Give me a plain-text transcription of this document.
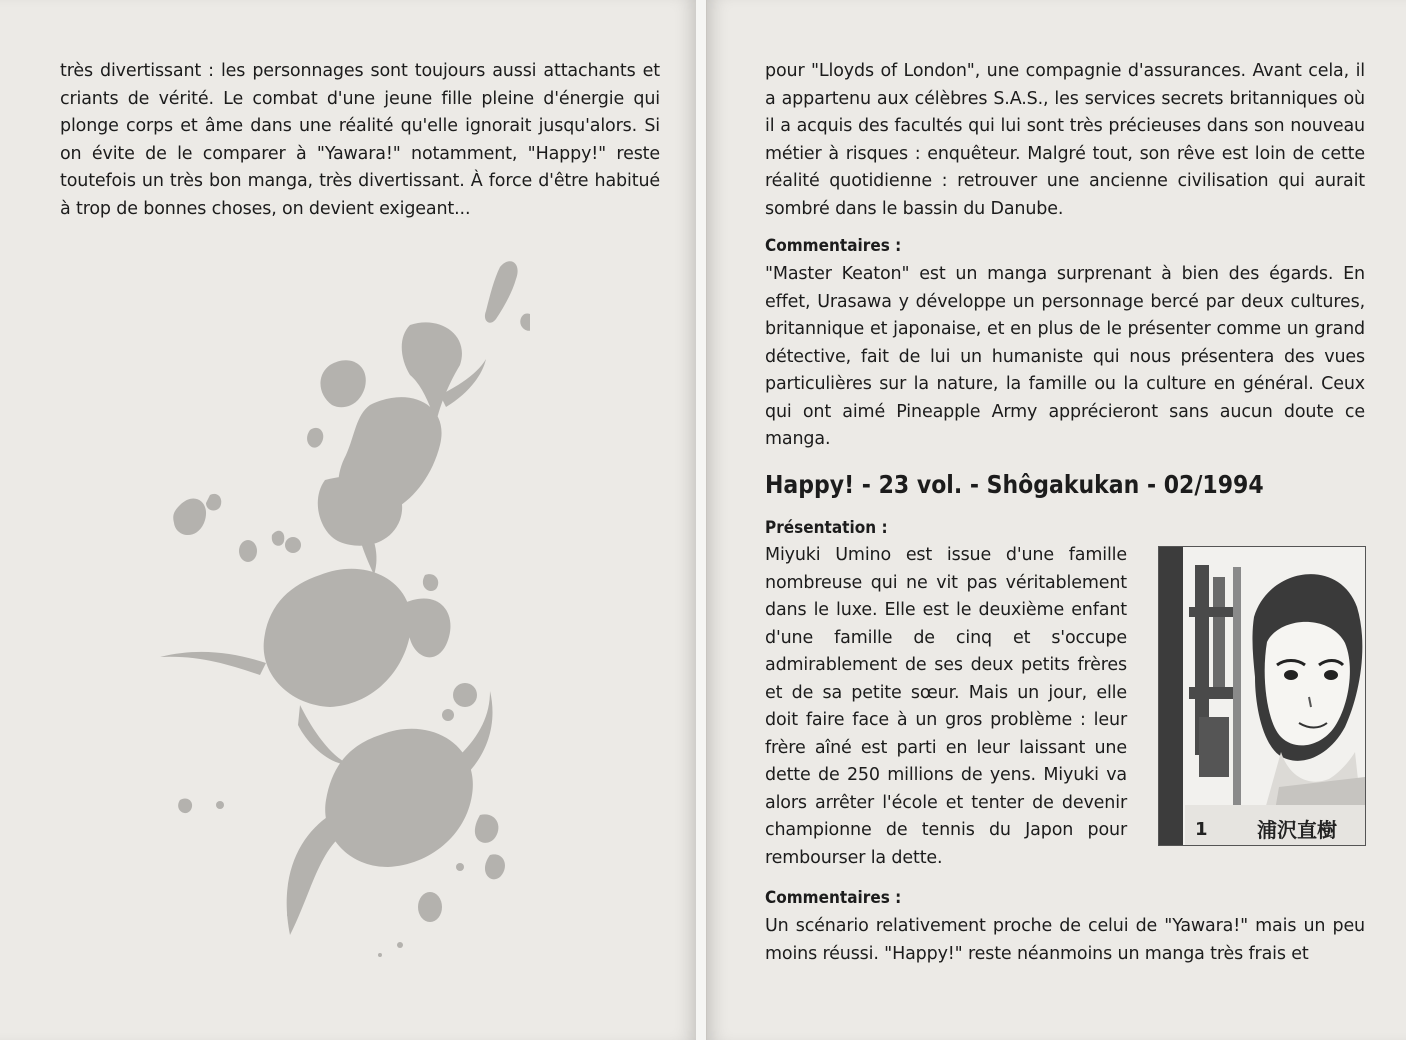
très divertissant : les personnages sont toujours aussi attachants et criants de vérité. Le combat d'une jeune fille pleine d'énergie qui plonge corps et âme dans une réalité qu'elle ignorait jusqu'alors. Si on évite de le comparer à "Yawara!" notamment, "Happy!" reste toutefois un très bon manga, très divertissant. À force d'être habitué à trop de bonnes choses, on devient exigeant...

pour "Lloyds of London", une compagnie d'assurances. Avant cela, il a appartenu aux célèbres S.A.S., les services secrets britanniques où il a acquis des facultés qui lui sont très précieuses dans son nouveau métier à risques : enquêteur. Malgré tout, son rêve est loin de cette réalité quotidienne : retrouver une ancienne civilisation qui aurait sombré dans le bassin du Danube.

Commentaires :

"Master Keaton" est un manga surprenant à bien des égards. En effet, Urasawa y développe un personnage bercé par deux cultures, britannique et japonaise, et en plus de le présenter comme un grand détective, fait de lui un humaniste qui nous présentera des vues particulières sur la nature, la famille ou la culture en général. Ceux qui ont aimé Pineapple Army apprécieront sans aucun doute ce manga.

Happy! - 23 vol. - Shôgakukan - 02/1994

Présentation :

Miyuki Umino est issue d'une famille nombreuse qui ne vit pas véritablement dans le luxe. Elle est le deuxième enfant d'une famille de cinq et s'occupe admirablement de ses deux petits frères et de sa petite sœur. Mais un jour, elle doit faire face à un gros problème : leur frère aîné est parti en leur laissant une dette de 250 millions de yens. Miyuki va alors arrêter l'école et tenter de devenir championne de tennis du Japon pour rembourser la dette.

1 浦沢直樹

Commentaires :

Un scénario relativement proche de celui de "Yawara!" mais un peu moins réussi. "Happy!" reste néanmoins un manga très frais et
